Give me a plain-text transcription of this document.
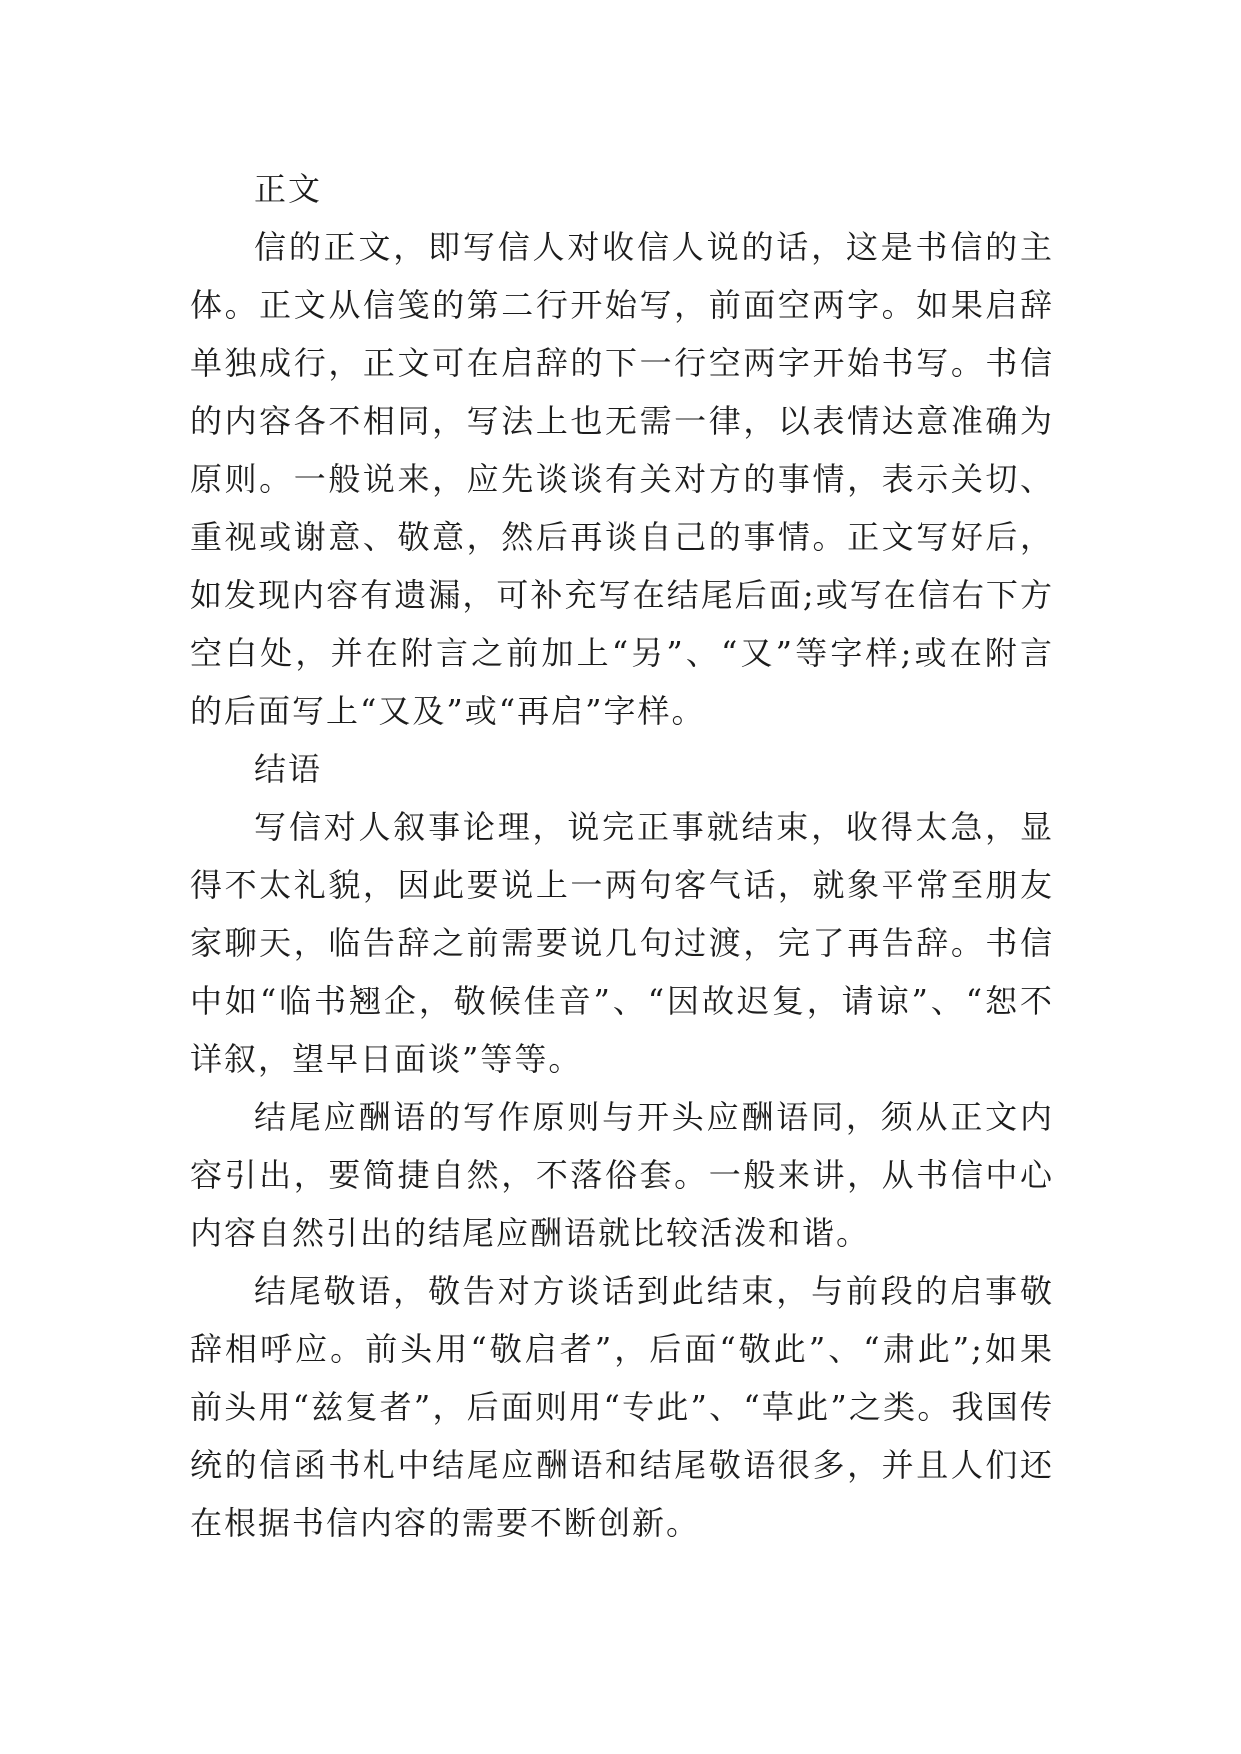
正文

信的正文，即写信人对收信人说的话，这是书信的主体。正文从信笺的第二行开始写，前面空两字。如果启辞单独成行，正文可在启辞的下一行空两字开始书写。书信的内容各不相同，写法上也无需一律，以表情达意准确为原则。一般说来，应先谈谈有关对方的事情，表示关切、重视或谢意、敬意，然后再谈自己的事情。正文写好后，如发现内容有遗漏，可补充写在结尾后面;或写在信右下方空白处，并在附言之前加上“另”、“又”等字样;或在附言的后面写上“又及”或“再启”字样。

结语

写信对人叙事论理，说完正事就结束，收得太急，显得不太礼貌，因此要说上一两句客气话，就象平常至朋友家聊天，临告辞之前需要说几句过渡，完了再告辞。书信中如“临书翘企，敬候佳音”、“因故迟复，请谅”、“恕不详叙，望早日面谈”等等。

结尾应酬语的写作原则与开头应酬语同，须从正文内容引出，要简捷自然，不落俗套。一般来讲，从书信中心内容自然引出的结尾应酬语就比较活泼和谐。

结尾敬语，敬告对方谈话到此结束，与前段的启事敬辞相呼应。前头用“敬启者”，后面“敬此”、“肃此”;如果前头用“兹复者”，后面则用“专此”、“草此”之类。我国传统的信函书札中结尾应酬语和结尾敬语很多，并且人们还在根据书信内容的需要不断创新。
